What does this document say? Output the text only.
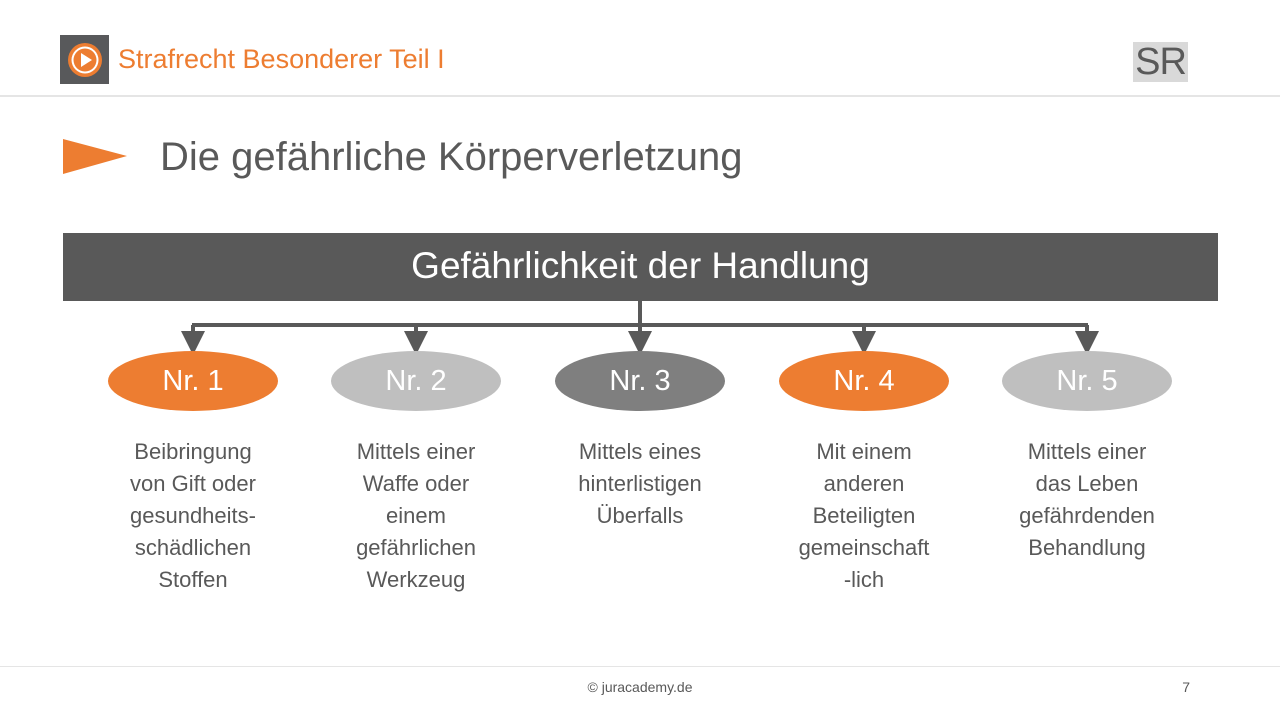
Strafrecht Besonderer Teil I	SR
Die gefährliche Körperverletzung
Gefährlichkeit der Handlung
Nr. 1	Nr. 2	Nr. 3	Nr. 4	Nr. 5
Beibringung
von Gift oder
gesundheits-
schädlichen
Stoffen
Mittels einer
Waffe oder
einem
gefährlichen
Werkzeug
Mittels eines
hinterlistigen
Überfalls
Mit einem
anderen
Beteiligten
gemeinschaft
-lich
Mittels einer
das Leben
gefährdenden
Behandlung
© juracademy.de	7
